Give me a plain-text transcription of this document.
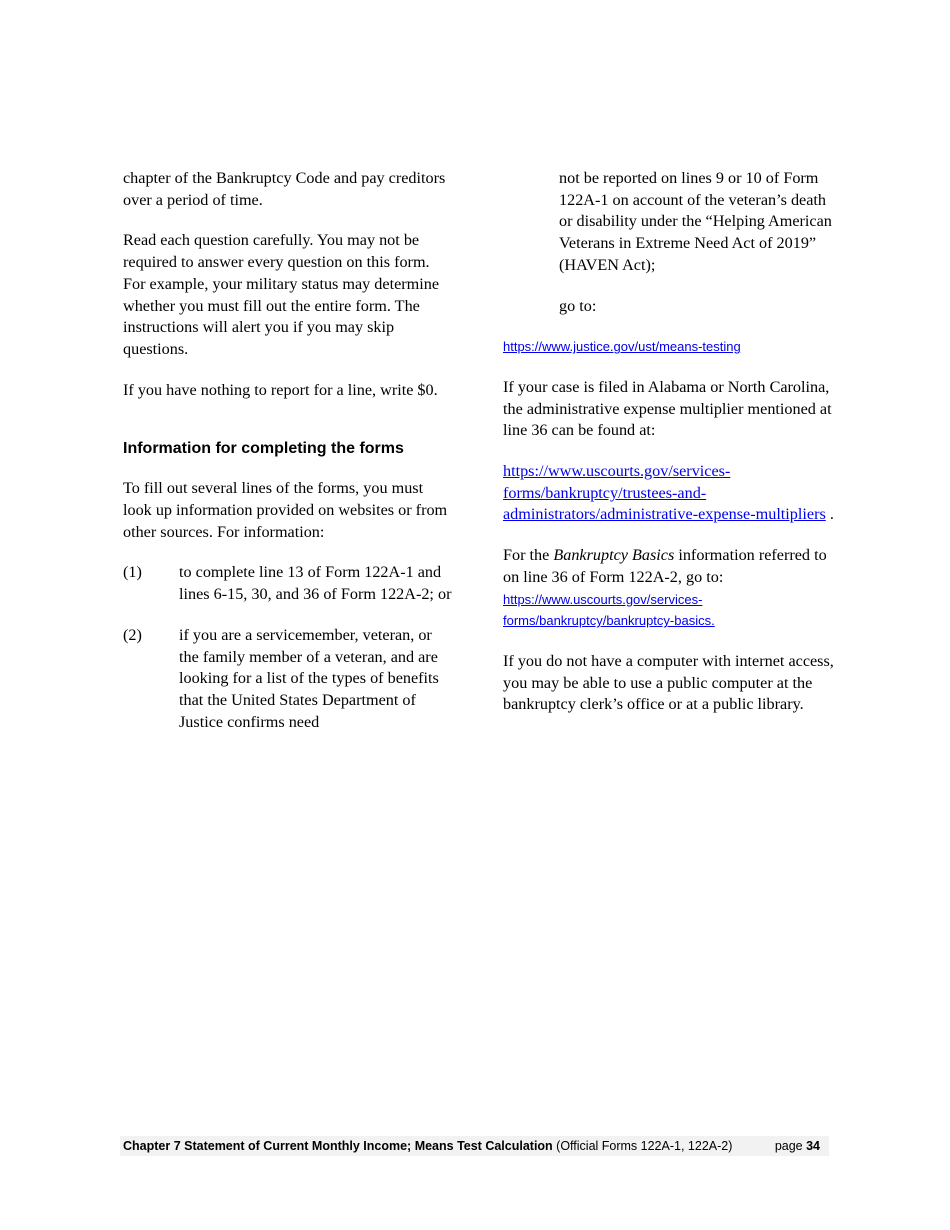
chapter of the Bankruptcy Code and pay creditors over a period of time.

Read each question carefully. You may not be required to answer every question on this form. For example, your military status may determine whether you must fill out the entire form. The instructions will alert you if you may skip questions.

If you have nothing to report for a line, write $0.

Information for completing the forms

To fill out several lines of the forms, you must look up information provided on websites or from other sources. For information:

(1) to complete line 13 of Form 122A-1 and lines 6-15, 30, and 36 of Form 122A-2; or
(2) if you are a servicemember, veteran, or the family member of a veteran, and are looking for a list of the types of benefits that the United States Department of Justice confirms need

not be reported on lines 9 or 10 of Form 122A-1 on account of the veteran’s death or disability under the “Helping American Veterans in Extreme Need Act of 2019” (HAVEN Act);

go to:

https://www.justice.gov/ust/means-testing

If your case is filed in Alabama or North Carolina, the administrative expense multiplier mentioned at line 36 can be found at:

https://www.uscourts.gov/services-forms/bankruptcy/trustees-and-administrators/administrative-expense-multipliers .

For the Bankruptcy Basics information referred to on line 36 of Form 122A-2, go to:
https://www.uscourts.gov/services-forms/bankruptcy/bankruptcy-basics.

If you do not have a computer with internet access, you may be able to use a public computer at the bankruptcy clerk’s office or at a public library.

Chapter 7 Statement of Current Monthly Income; Means Test Calculation (Official Forms 122A-1, 122A-2)	page 34
